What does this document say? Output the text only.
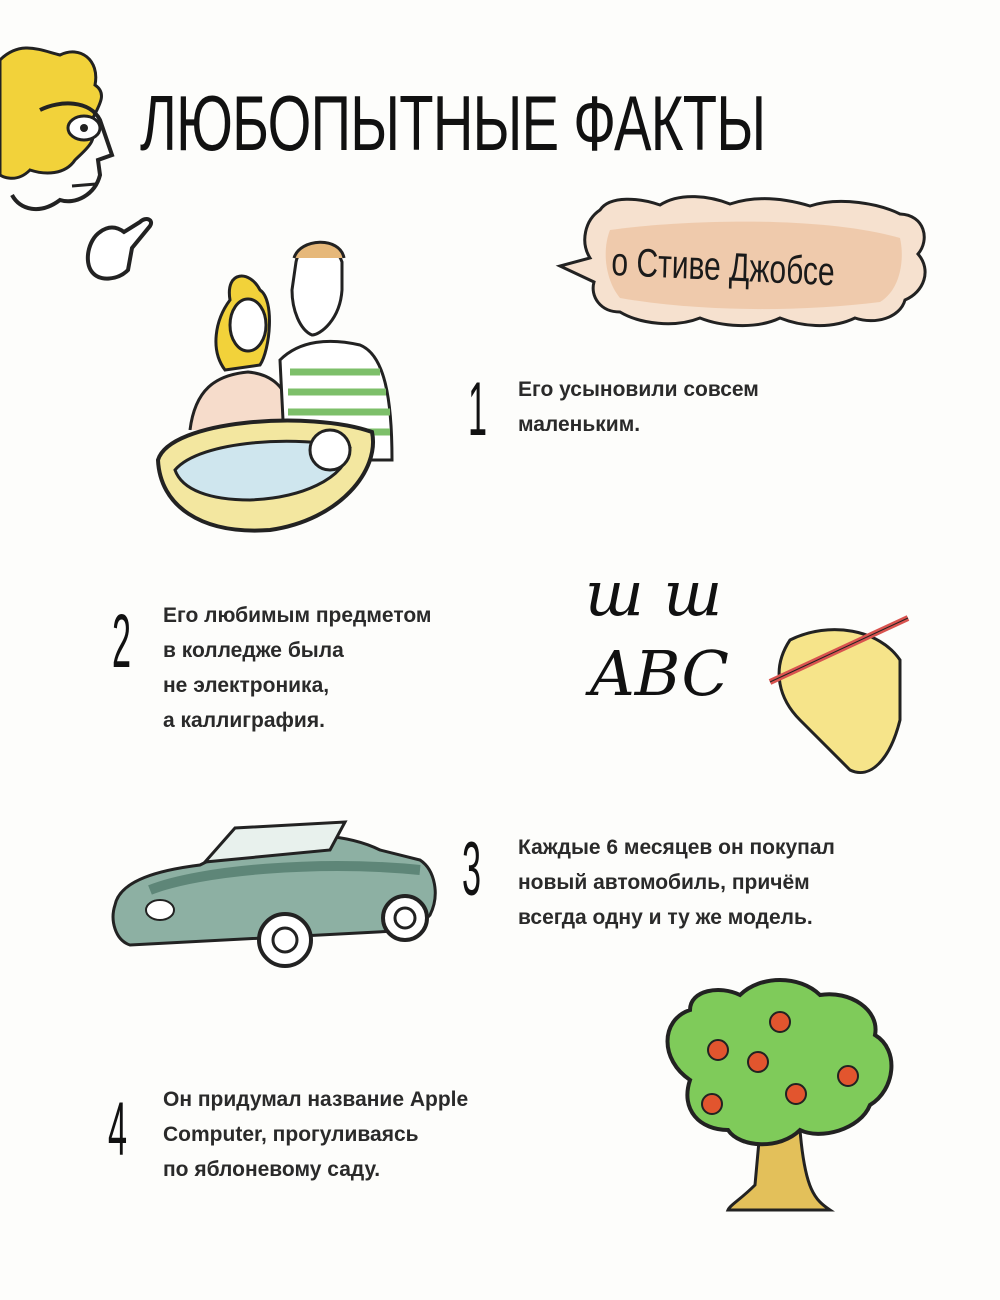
ш ш
ABC
ЛЮБОПЫТНЫЕ ФАКТЫ
о Стиве Джобсе
1 Его усыновили совсем
маленьким.
2 Его любимым предметом
в колледже была
не электроника,
а каллиграфия.
3 Каждые 6 месяцев он покупал
новый автомобиль, причём
всегда одну и ту же модель.
4 Он придумал название Apple
Computer, прогуливаясь
по яблоневому саду.
